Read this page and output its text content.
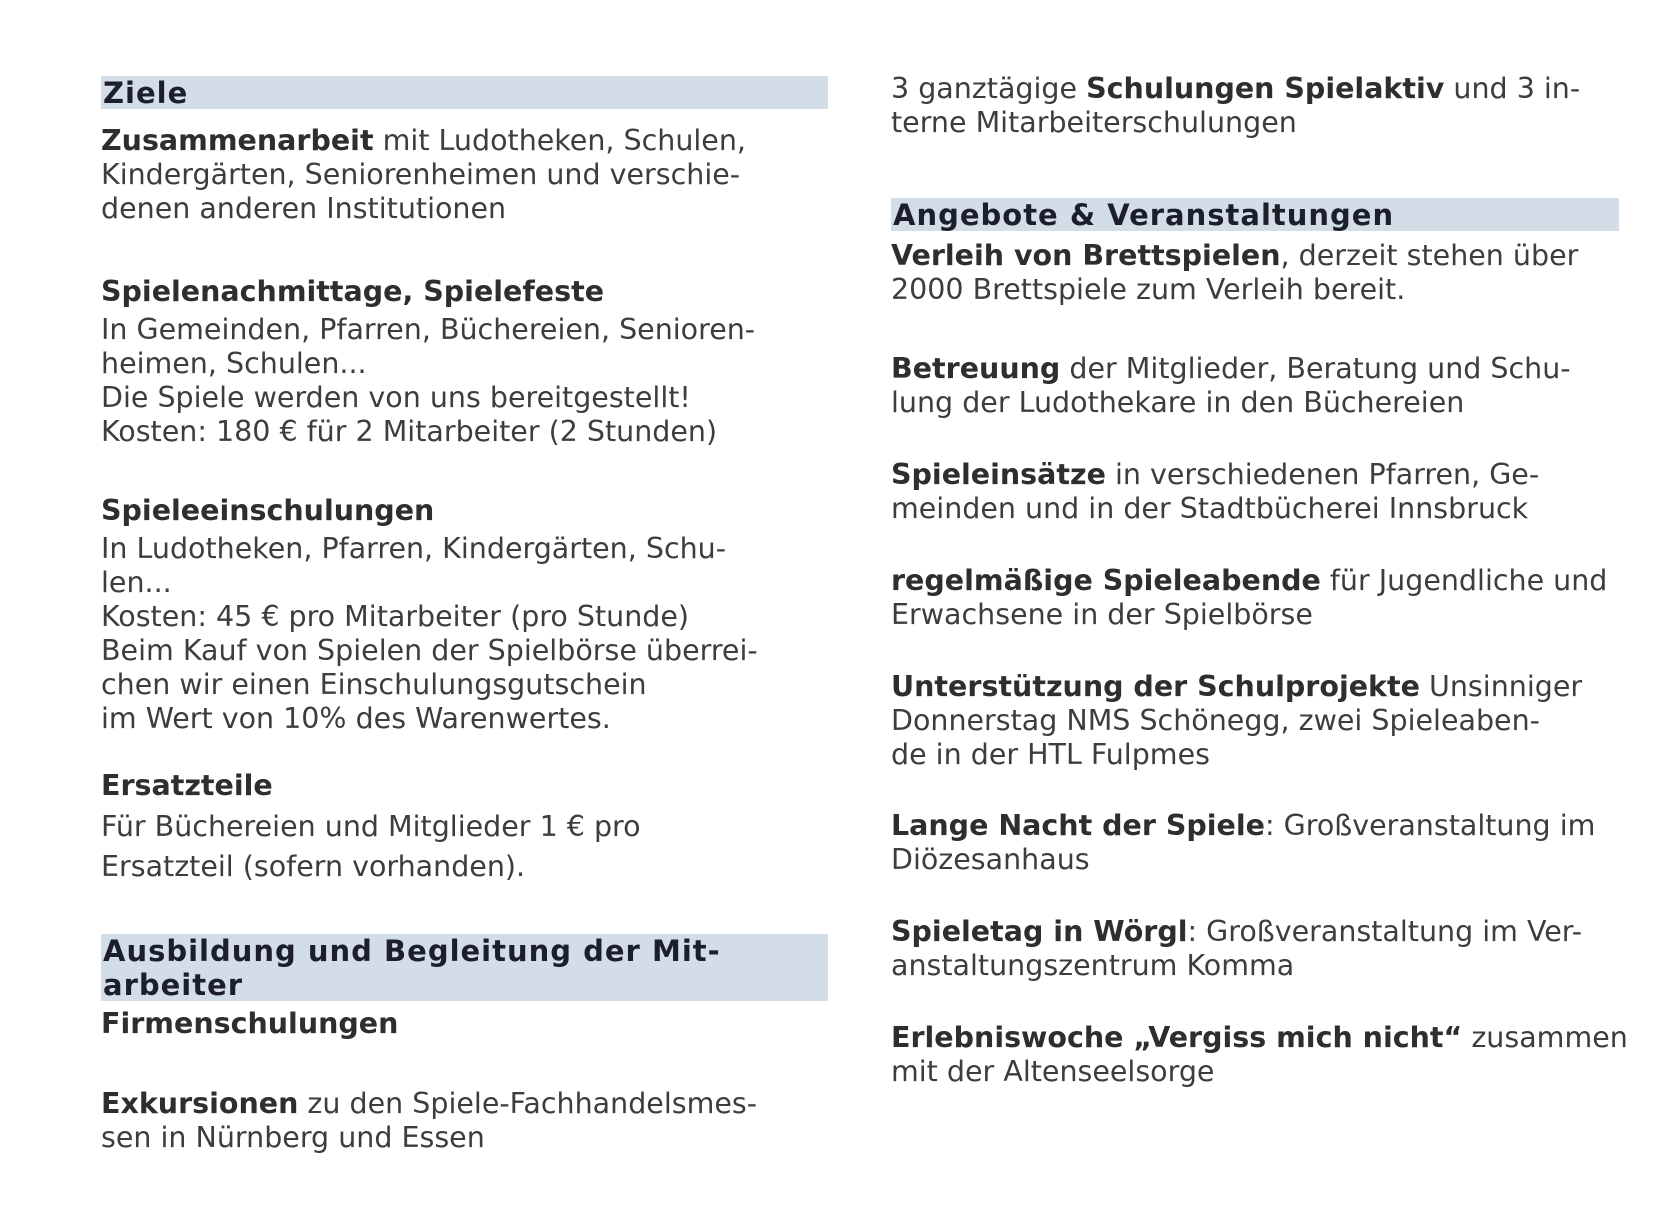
Ziele
Zusammenarbeit mit Ludotheken, Schulen,
Kindergärten, Seniorenheimen und verschie-
denen anderen Institutionen
Spielenachmittage, Spielefeste
In Gemeinden, Pfarren, Büchereien, Senioren-
heimen, Schulen...
Die Spiele werden von uns bereitgestellt!
Kosten: 180 € für 2 Mitarbeiter (2 Stunden)
Spieleeinschulungen
In Ludotheken, Pfarren, Kindergärten, Schu-
len...
Kosten: 45 € pro Mitarbeiter (pro Stunde)
Beim Kauf von Spielen der Spielbörse überrei-
chen wir einen Einschulungsgutschein
im Wert von 10% des Warenwertes.
Ersatzteile
Für Büchereien und Mitglieder 1 € pro
Ersatzteil (sofern vorhanden).
Ausbildung und Begleitung der Mit-
arbeiter
Firmenschulungen
Exkursionen zu den Spiele-Fachhandelsmes-
sen in Nürnberg und Essen
3 ganztägige Schulungen Spielaktiv und 3 in-
terne Mitarbeiterschulungen
Angebote & Veranstaltungen
Verleih von Brettspielen, derzeit stehen über
2000 Brettspiele zum Verleih bereit.
Betreuung der Mitglieder, Beratung und Schu-
lung der Ludothekare in den Büchereien
Spieleinsätze in verschiedenen Pfarren, Ge-
meinden und in der Stadtbücherei Innsbruck
regelmäßige Spieleabende für Jugendliche und
Erwachsene in der Spielbörse
Unterstützung der Schulprojekte Unsinniger
Donnerstag NMS Schönegg, zwei Spieleaben-
de in der HTL Fulpmes
Lange Nacht der Spiele: Großveranstaltung im
Diözesanhaus
Spieletag in Wörgl: Großveranstaltung im Ver-
anstaltungszentrum Komma
Erlebniswoche „Vergiss mich nicht“ zusammen
mit der Altenseelsorge
